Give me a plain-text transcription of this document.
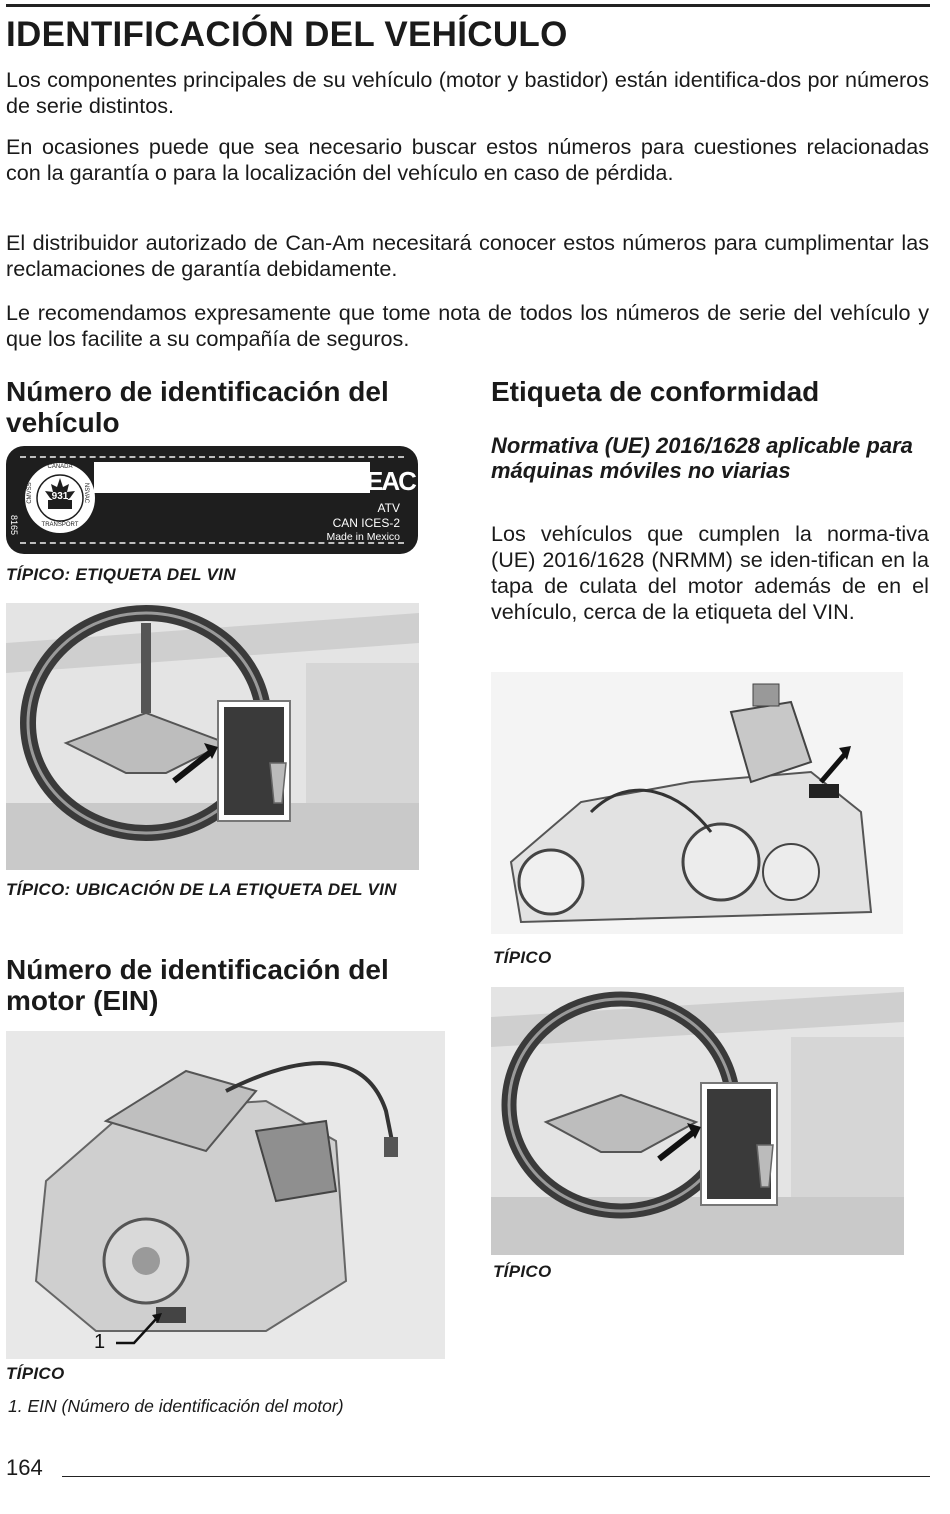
IDENTIFICACIÓN DEL VEHÍCULO

Los componentes principales de su vehículo (motor y bastidor) están identifica-dos por números de serie distintos.

En ocasiones puede que sea necesario buscar estos números para cuestiones relacionadas con la garantía o para la localización del vehículo en caso de pérdida.

El distribuidor autorizado de Can-Am necesitará conocer estos números para cumplimentar las reclamaciones de garantía debidamente.

Le recomendamos expresamente que tome nota de todos los números de serie del vehículo y que los facilite a su compañía de seguros.

Número de identificación del vehículo
931
CANADA
TRANSPORT
CMVSS	NSVAC
8165
EAC
ATV
CAN ICES-2
Made in Mexico

TÍPICO: ETIQUETA DEL VIN

TÍPICO: UBICACIÓN DE LA ETIQUETA DEL VIN

Número de identificación del motor (EIN)
1

TÍPICO

1. EIN (Número de identificación del motor)

Etiqueta de conformidad
Normativa (UE) 2016/1628 aplicable para máquinas móviles no viarias

Los vehículos que cumplen la norma-tiva (UE) 2016/1628 (NRMM) se iden-tifican en la tapa de culata del motor además de en el vehículo, cerca de la etiqueta del VIN.

TÍPICO

TÍPICO

164
